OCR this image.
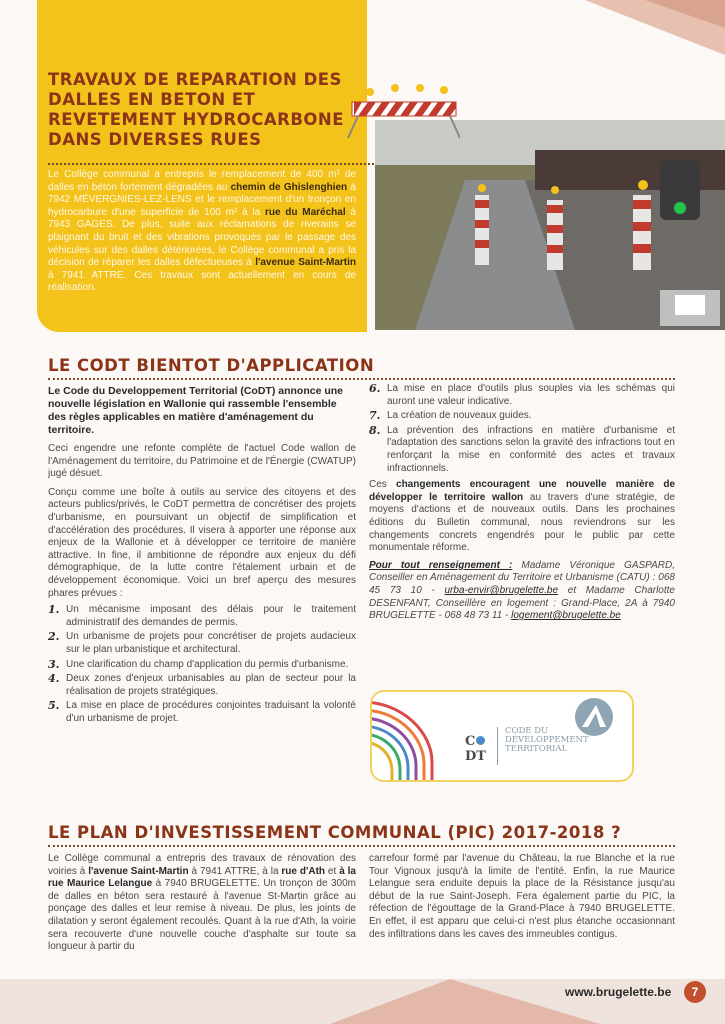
TRAVAUX DE REPARATION DES DALLES EN BETON ET REVETEMENT HYDROCARBONE DANS DIVERSES RUES

Le Collège communal a entrepris le remplacement de 400 m² de dalles en béton fortement dégradées au chemin de Ghislenghien à 7942 MÉVERGNIES-LEZ-LENS et le remplacement d'un tronçon en hydrocarbure d'une superficie de 100 m² à la rue du Maréchal à 7943 GAGES. De plus, suite aux réclamations de riverains se plaignant du bruit et des vibrations provoqués par le passage des véhicules sur des dalles détériorées, le Collège communal a pris la décision de réparer les dalles défectueuses à l'avenue Saint-Martin à 7941 ATTRE. Ces travaux sont actuellement en cours de réalisation.

LE CODT BIENTOT D'APPLICATION

Le Code du Developpement Territorial (CoDT) annonce une nouvelle législation en Wallonie qui rassemble l'ensemble des règles applicables en matière d'aménagement du territoire.

Ceci engendre une refonte complète de l'actuel Code wallon de l'Aménagement du territoire, du Patrimoine et de l'Énergie (CWATUP) jugé désuet.

Conçu comme une boîte à outils au service des citoyens et des acteurs publics/privés, le CoDT permettra de concrétiser des projets d'urbanisme, en poursuivant un objectif de simplification et d'accélération des procédures. Il visera à apporter une réponse aux enjeux de la Wallonie et à développer ce territoire de manière attractive. In fine, il ambitionne de répondre aux enjeux du défi démographique, de la lutte contre l'étalement urbain et de développement économique. Voici un bref aperçu des mesures phares prévues :

1. Un mécanisme imposant des délais pour le traitement administratif des demandes de permis.
2. Un urbanisme de projets pour concrétiser de projets audacieux sur le plan urbanistique et architectural.
3. Une clarification du champ d'application du permis d'urbanisme.
4. Deux zones d'enjeux urbanisables au plan de secteur pour la réalisation de projets stratégiques.
5. La mise en place de procédures conjointes traduisant la volonté d'un urbanisme de projet.
6. La mise en place d'outils plus souples via les schémas qui auront une valeur indicative.
7. La création de nouveaux guides.
8. La prévention des infractions en matière d'urbanisme et l'adaptation des sanctions selon la gravité des infractions tout en renforçant la mise en conformité des actes et travaux infractionnels.

Ces changements encouragent une nouvelle manière de développer le territoire wallon au travers d'une stratégie, de moyens d'actions et de nouveaux outils. Dans les prochaines éditions du Bulletin communal, nous reviendrons sur les changements concrets engendrés pour le public par cette monumentale réforme.

Pour tout renseignement : Madame Véronique GASPARD, Conseiller en Aménagement du Territoire et Urbanisme (CATU) : 068 45 73 10 - urba-envir@brugelette.be et Madame Charlotte DESENFANT, Conseillère en logement : Grand-Place, 2A à 7940 BRUGELETTE - 068 48 73 11 - logement@brugelette.be

C
DT
CODE DU DÉVELOPPEMENT TERRITORIAL
LE PLAN D'INVESTISSEMENT COMMUNAL (PIC) 2017-2018 ?

Le Collège communal a entrepris des travaux de rénovation des voiries à l'avenue Saint-Martin à 7941 ATTRE, à la rue d'Ath et à la rue Maurice Lelangue à 7940 BRUGELETTE. Un tronçon de 300m de dalles en béton sera restauré à l'avenue St-Martin grâce au ponçage des dalles et leur remise à niveau. De plus, les joints de dilatation y seront également recoulés. Quant à la rue d'Ath, la voirie sera recouverte d'une nouvelle couche d'asphalte sur toute sa longueur à partir du

carrefour formé par l'avenue du Château, la rue Blanche et la rue Tour Vignoux jusqu'à la limite de l'entité. Enfin, la rue Maurice Lelangue sera enduite depuis la place de la Résistance jusqu'au début de la rue Saint-Joseph. Fera également partie du PIC, la réfection de l'égouttage de la Grand-Place à 7940 BRUGELETTE. En effet, il est apparu que celui-ci n'est plus étanche occasionnant des infiltrations dans les caves des immeubles contigus.

www.brugelette.be	7
